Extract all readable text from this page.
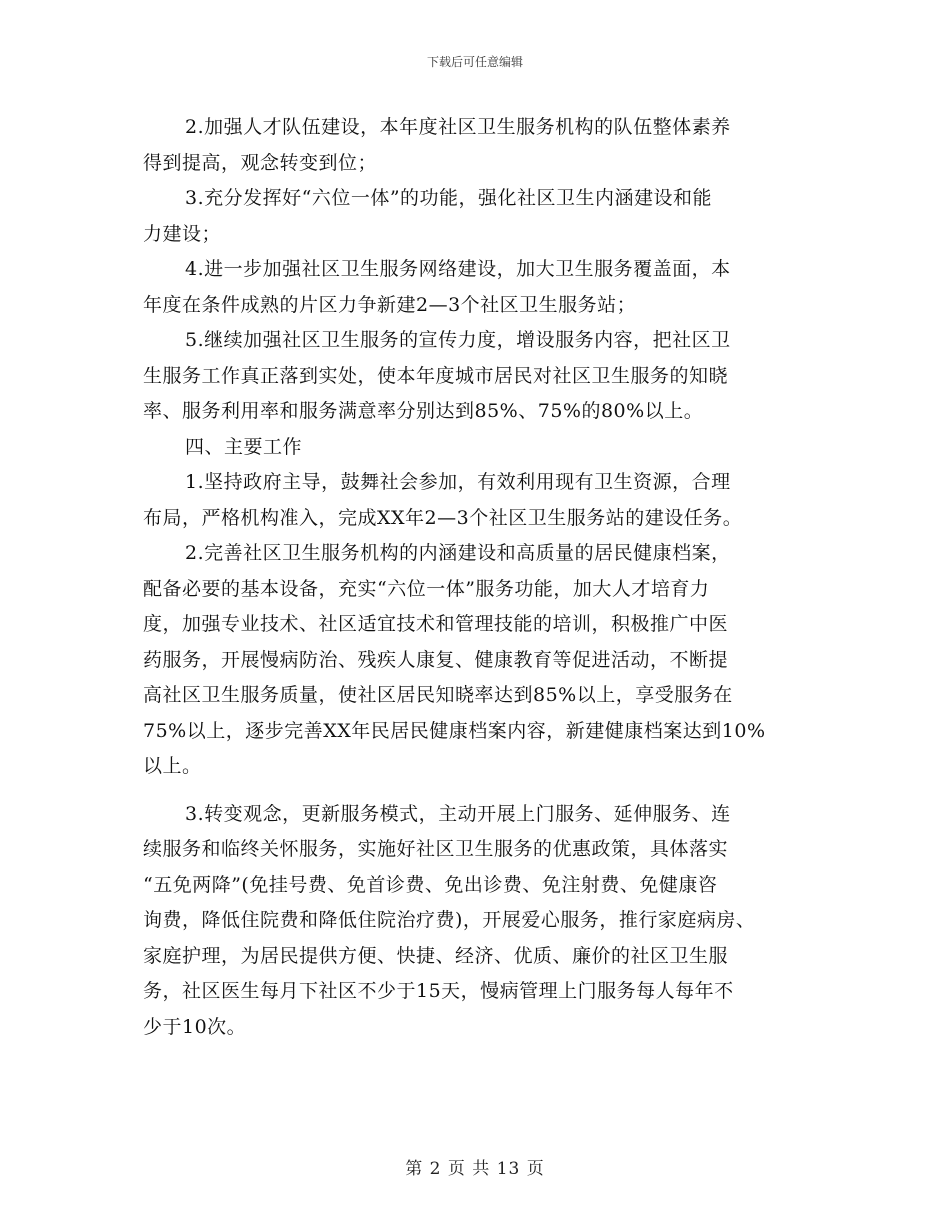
下载后可任意编辑
2.加强人才队伍建设，本年度社区卫生服务机构的队伍整体素养
得到提高，观念转变到位；
3.充分发挥好“六位一体”的功能，强化社区卫生内涵建设和能
力建设；
4.进一步加强社区卫生服务网络建设，加大卫生服务覆盖面，本
年度在条件成熟的片区力争新建2—3个社区卫生服务站；
5.继续加强社区卫生服务的宣传力度，增设服务内容，把社区卫
生服务工作真正落到实处，使本年度城市居民对社区卫生服务的知晓
率、服务利用率和服务满意率分别达到85%、75%的80%以上。
四、主要工作
1.坚持政府主导，鼓舞社会参加，有效利用现有卫生资源，合理
布局，严格机构准入，完成XX年2—3个社区卫生服务站的建设任务。
2.完善社区卫生服务机构的内涵建设和高质量的居民健康档案，
配备必要的基本设备，充实“六位一体”服务功能，加大人才培育力
度，加强专业技术、社区适宜技术和管理技能的培训，积极推广中医
药服务，开展慢病防治、残疾人康复、健康教育等促进活动，不断提
高社区卫生服务质量，使社区居民知晓率达到85%以上，享受服务在
75%以上，逐步完善XX年民居民健康档案内容，新建健康档案达到10%
以上。
3.转变观念，更新服务模式，主动开展上门服务、延伸服务、连
续服务和临终关怀服务，实施好社区卫生服务的优惠政策，具体落实
“五免两降”(免挂号费、免首诊费、免出诊费、免注射费、免健康咨
询费，降低住院费和降低住院治疗费)，开展爱心服务，推行家庭病房、
家庭护理，为居民提供方便、快捷、经济、优质、廉价的社区卫生服
务，社区医生每月下社区不少于15天，慢病管理上门服务每人每年不
少于10次。
第 2 页 共 13 页
